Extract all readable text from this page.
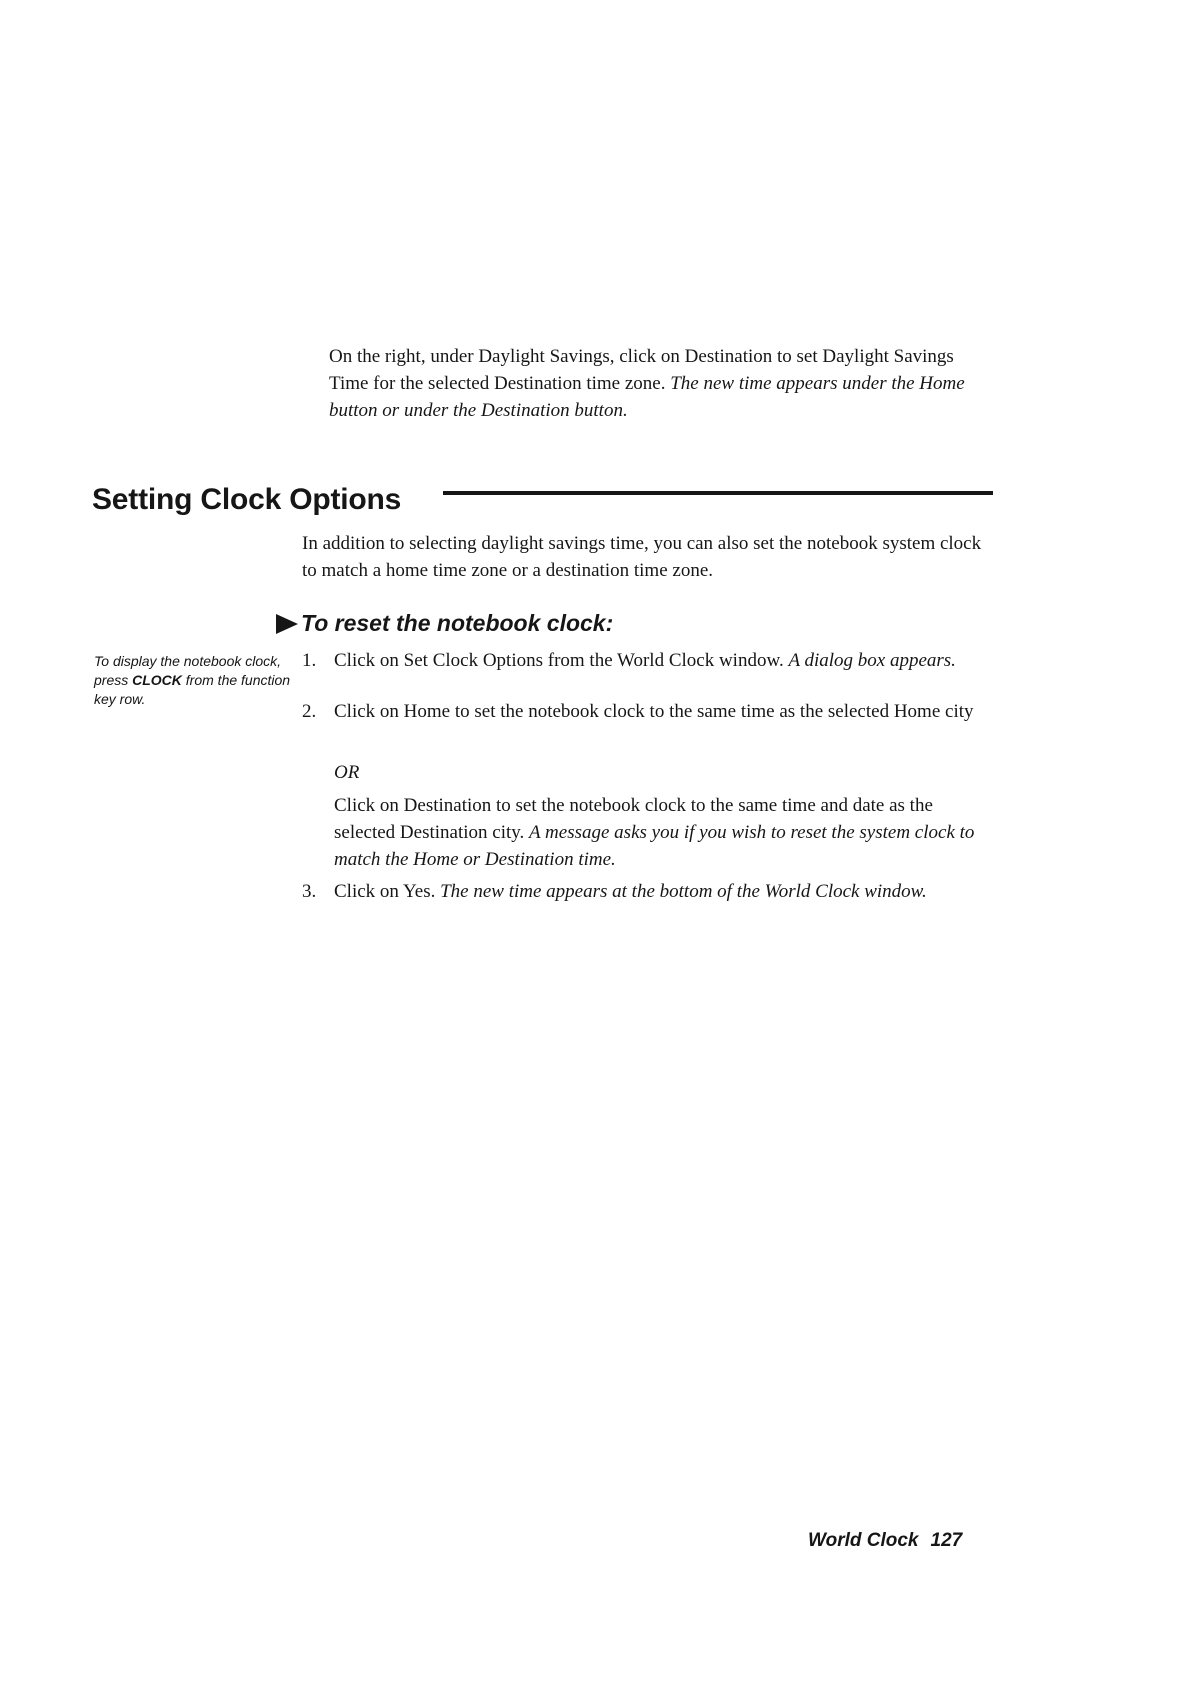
On the right, under Daylight Savings, click on Destination to set Daylight Savings Time for the selected Destination time zone. The new time appears under the Home button or under the Destination button.

Setting Clock Options

In addition to selecting daylight savings time, you can also set the notebook system clock to match a home time zone or a destination time zone.

To reset the notebook clock:

To display the notebook clock, press CLOCK from the function key row.

1. Click on Set Clock Options from the World Clock window. A dialog box appears.
2. Click on Home to set the notebook clock to the same time as the selected Home city

OR

Click on Destination to set the notebook clock to the same time and date as the selected Destination city. A message asks you if you wish to reset the system clock to match the Home or Destination time.

3. Click on Yes. The new time appears at the bottom of the World Clock window.

World Clock 127
